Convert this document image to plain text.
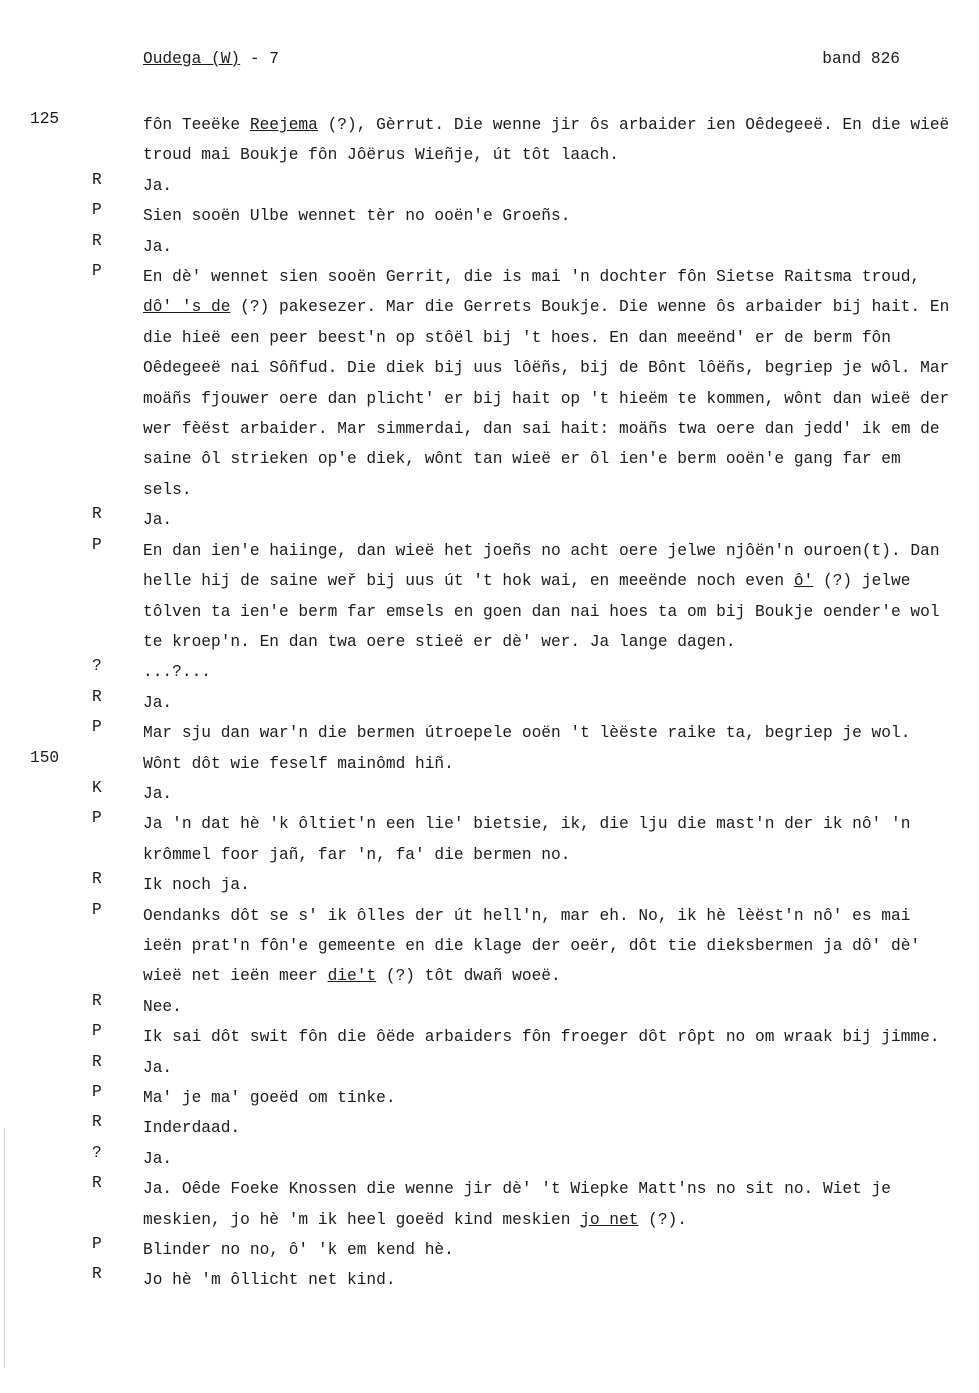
Oudega (W) - 7	band 826
125	fôn Teeëke Reejema (?), Gèrrut. Die wenne jir ôs arbaider ien Oêdegeeë. En die wieë troud mai Boukje fôn Jôërus Wieñje, út tôt laach.
R	Ja.
P	Sien sooën Ulbe wennet tèr no ooën'e Groeñs.
R	Ja.
P	En dè' wennet sien sooën Gerrit, die is mai 'n dochter fôn Sietse Raitsma troud, dô' 's de (?) pakesezer. Mar die Gerrets Boukje. Die wenne ôs arbaider bij hait. En die hieë een peer beest'n op stôël bij 't hoes. En dan meeënd' er de berm fôn Oêdegeeë nai Sôñfud. Die diek bij uus lôëñs, bij de Bônt lôëñs, begriep je wôl. Mar moäñs fjouwer oere dan plicht' er bij hait op 't hieëm te kommen, wônt dan wieë der wer fèëst arbaider. Mar simmerdai, dan sai hait: moäñs twa oere dan jedd' ik em de saine ôl strieken op'e diek, wônt tan wieë er ôl ien'e berm ooën'e gang far em sels.
R	Ja.
P	En dan ien'e haiinge, dan wieë het joeñs no acht oere jelwe njôën'n ouroen(t). Dan helle hij de saine weř bij uus út 't hok wai, en meeënde noch even ô' (?) jelwe tôlven ta ien'e berm far emsels en goen dan nai hoes ta om bij Boukje oender'e wol te kroep'n. En dan twa oere stieë er dè' wer. Ja lange dagen.
?	...?...
R	Ja.
P	Mar sju dan war'n die bermen útroepele ooën 't lèëste raike ta, begriep je wol.
150	Wônt dôt wie feself mainômd hiñ.
K	Ja.
P	Ja 'n dat hè 'k ôltiet'n een lie' bietsie, ik, die lju die mast'n der ik nô' 'n krômmel foor jañ, far 'n, fa' die bermen no.
R	Ik noch ja.
P	Oendanks dôt se s' ik ôlles der út hell'n, mar eh. No, ik hè lèëst'n nô' es mai ieën prat'n fôn'e gemeente en die klage der oeër, dôt tie dieksbermen ja dô' dè' wieë net ieën meer die't (?) tôt dwañ woeë.
R	Nee.
P	Ik sai dôt swit fôn die ôëde arbaiders fôn froeger dôt rôpt no om wraak bij jimme.
R	Ja.
P	Ma' je ma' goeëd om tinke.
R	Inderdaad.
?	Ja.
R	Ja. Oêde Foeke Knossen die wenne jir dè' 't Wiepke Matt'ns no sit no. Wiet je meskien, jo hè 'm ik heel goeëd kind meskien jo net (?).
P	Blinder no no, ô' 'k em kend hè.
R	Jo hè 'm ôllicht net kind.
